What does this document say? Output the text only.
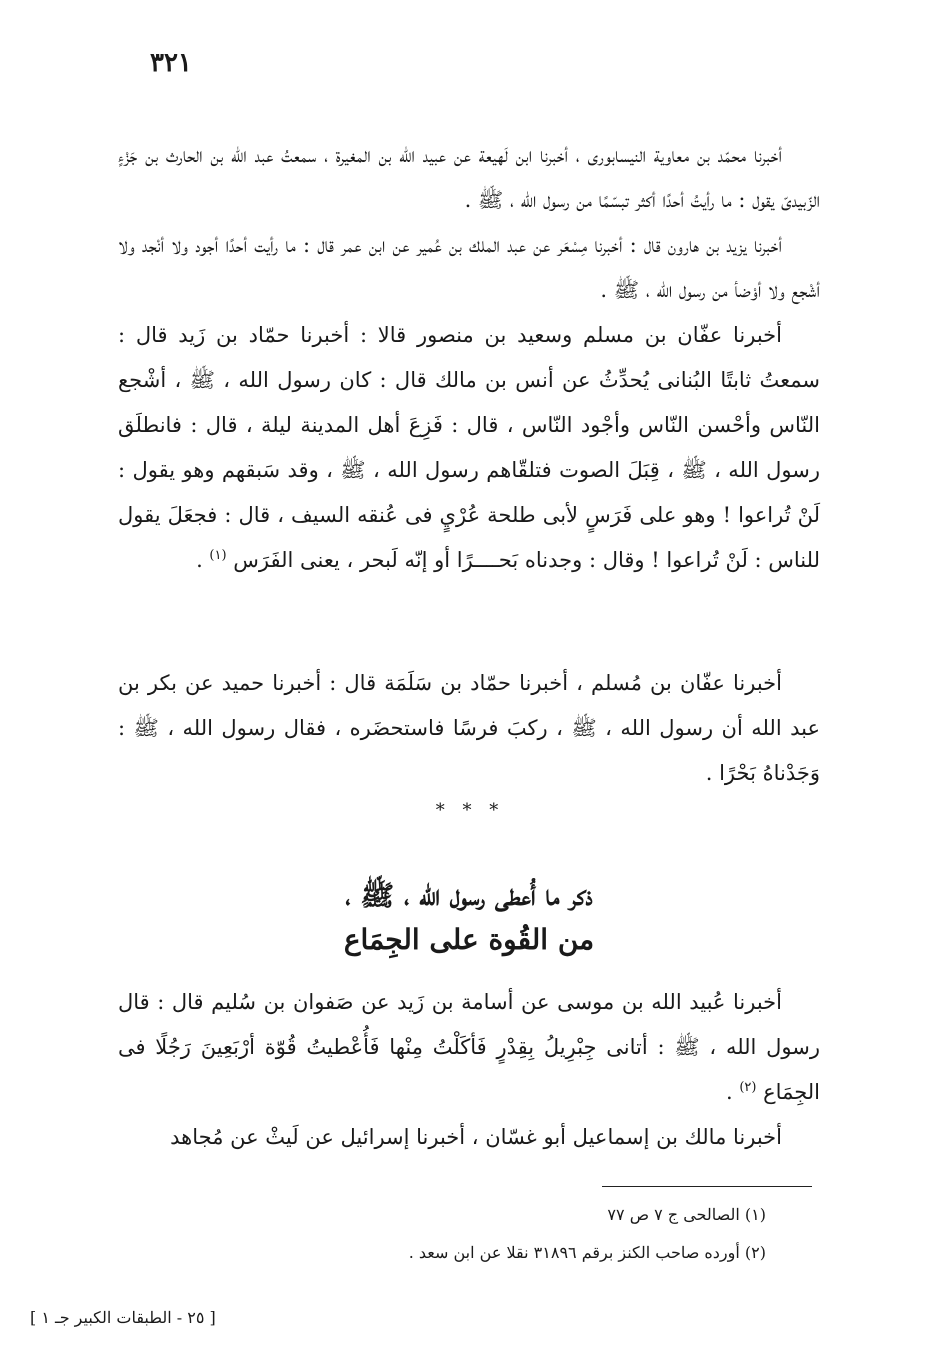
٣٢١

أخبرنا محمّد بن معاوية النيسابورى ، أخبرنا ابن لَهيعة عن عبيد الله بن المغيرة ، سمعتُ عبد الله بن الحارث بن جَزْءٍ الزّبيدىّ يقول : ما رأيتُ أحدًا أكثر تبسّمًا من رسول الله ، ﷺ .

أخبرنا يزيد بن هارون قال : أخبرنا مِسْعَر عن عبد الملك بن عُمير عن ابن عمر قال : ما رأيت أحدًا أجود ولا أنْجد ولا أشْجع ولا أوْضأ من رسول الله ، ﷺ .

أخبرنا عفّان بن مسلم وسعيد بن منصور قالا : أخبرنا حمّاد بن زَيد قال : سمعتُ ثابتًا البُنانى يُحدِّثُ عن أنس بن مالك قال : كان رسول الله ، ﷺ ، أشْجع النّاس وأحْسن النّاس وأجْود النّاس ، قال : فَزِعَ أهل المدينة ليلة ، قال : فانطلَق رسول الله ، ﷺ ، قِبَلَ الصوت فتلقّاهم رسول الله ، ﷺ ، وقد سَبقهم وهو يقول : لَنْ تُراعوا ! وهو على فَرَسٍ لأبى طلحة عُرْيٍ فى عُنقه السيف ، قال : فجعَلَ يقول للناس : لَنْ تُراعوا ! وقال : وجدناه بَحــــرًا أو إنّه لَبحر ، يعنى الفَرَس $^{(١)}$ .

أخبرنا عفّان بن مُسلم ، أخبرنا حمّاد بن سَلَمَة قال : أخبرنا حميد عن بكر بن عبد الله أن رسول الله ، ﷺ ، ركبَ فرسًا فاستحضَره ، فقال رسول الله ، ﷺ : وَجَدْناهُ بَحْرًا .

* * *
ذكر ما أُعطى رسول الله ، ﷺ ،
من القُوة على الجِمَاع

أخبرنا عُبيد الله بن موسى عن أسامة بن زَيد عن صَفوان بن سُليم قال : قال رسول الله ، ﷺ : أتانى جِبْرِيلُ بِقِدْرٍ فَأكَلْتُ مِنْها فَأُعْطيتُ قُوّة أرْبَعِينَ رَجُلًا فى الجِمَاع $^{(٢)}$ .

أخبرنا مالك بن إسماعيل أبو غسّان ، أخبرنا إسرائيل عن لَيثْ عن مُجاهد

(١) الصالحى ج ٧ ص ٧٧

(٢) أورده صاحب الكنز برقم ٣١٨٩٦ نقلا عن ابن سعد .

[ ٢٥ - الطبقات الكبير جـ ١ ]
